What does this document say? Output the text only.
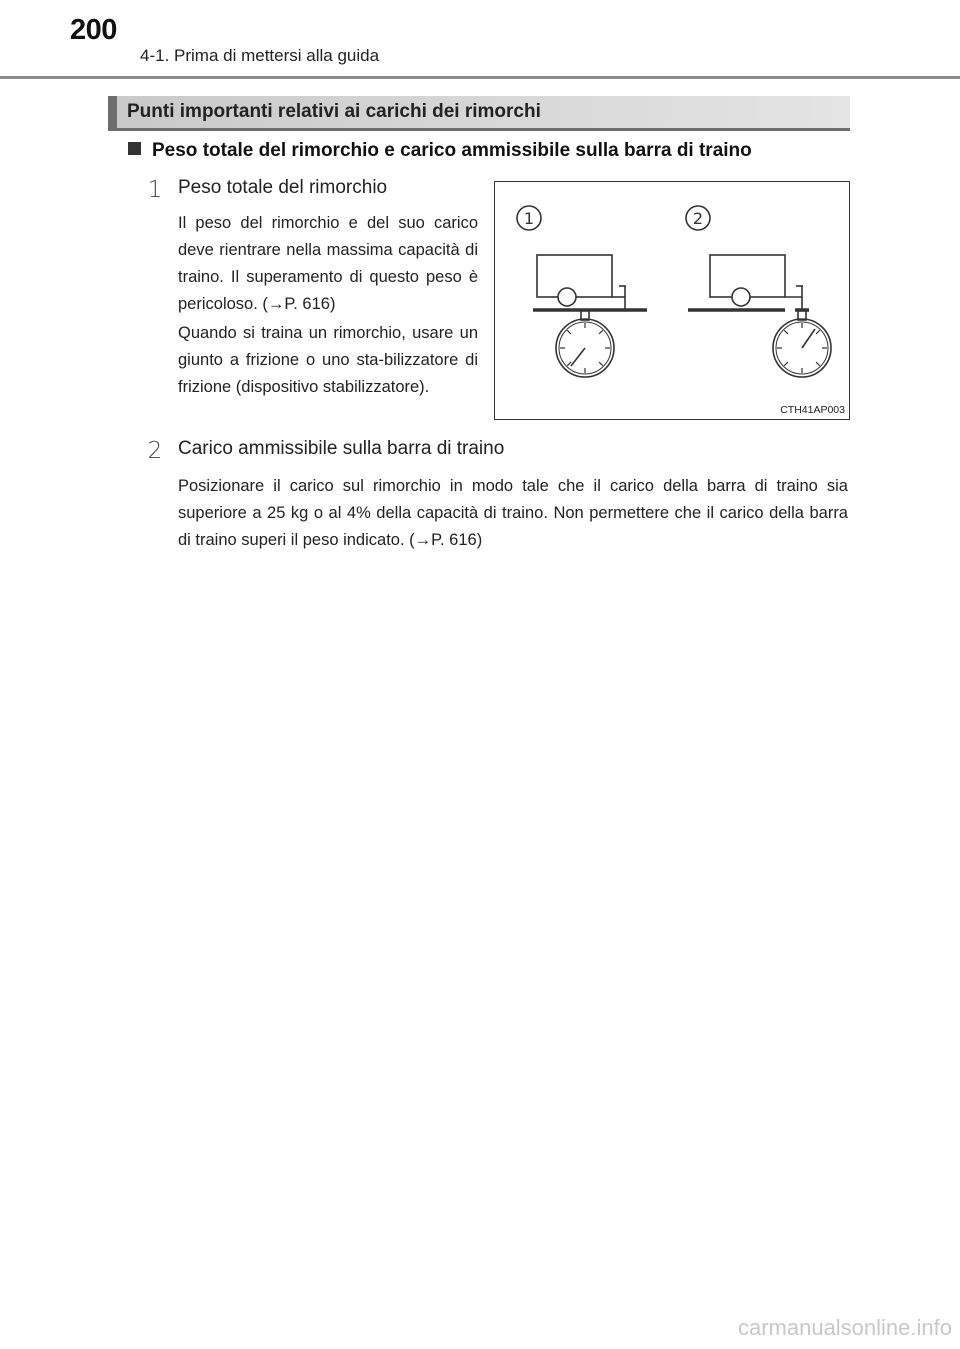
200
4-1. Prima di mettersi alla guida
Punti importanti relativi ai carichi dei rimorchi
Peso totale del rimorchio e carico ammissibile sulla barra di traino
1 Peso totale del rimorchio

Il peso del rimorchio e del suo carico deve rientrare nella massima capacità di traino. Il superamento di questo peso è pericoloso. (→P. 616)

Quando si traina un rimorchio, usare un giunto a frizione o uno sta-bilizzatore di frizione (dispositivo stabilizzatore).

1	2
CTH41AP003
2 Carico ammissibile sulla barra di traino

Posizionare il carico sul rimorchio in modo tale che il carico della barra di traino sia superiore a 25 kg o al 4% della capacità di traino. Non permettere che il carico della barra di traino superi il peso indicato. (→P. 616)

carmanualsonline.info
